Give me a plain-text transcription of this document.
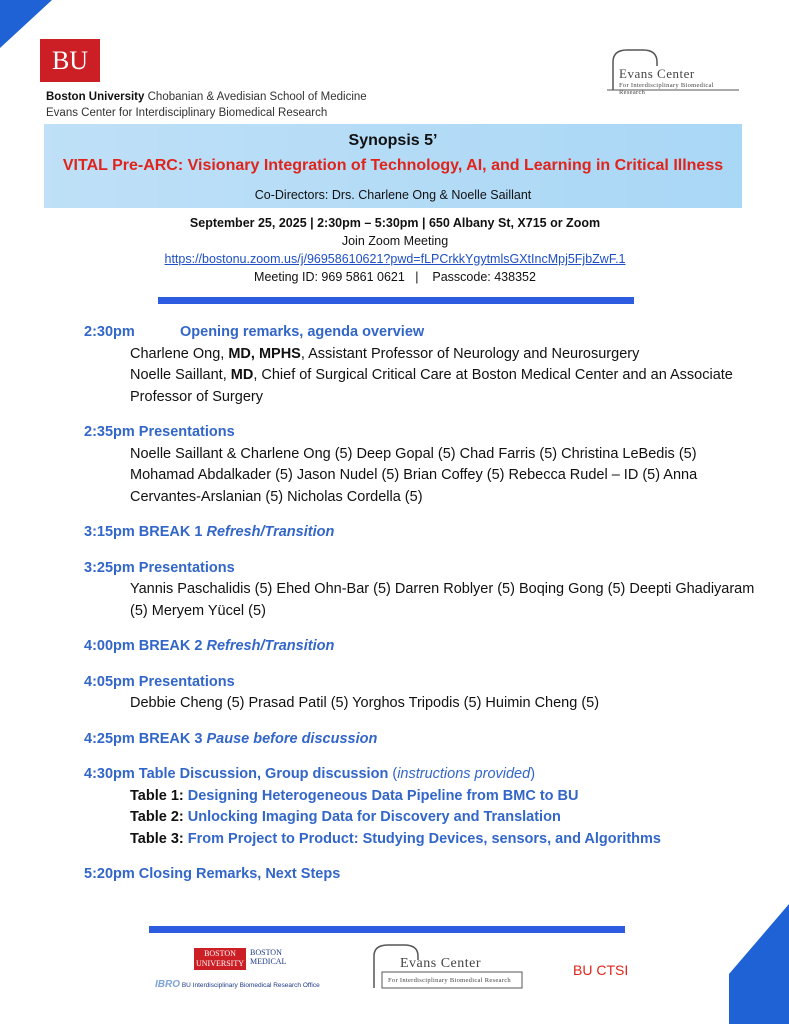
BU
Boston University Chobanian & Avedisian School of Medicine
Evans Center for Interdisciplinary Biomedical Research
Evans Center
For Interdisciplinary Biomedical Research
Synopsis 5’
VITAL Pre-ARC: Visionary Integration of Technology, AI, and Learning in Critical Illness
Co-Directors: Drs. Charlene Ong & Noelle Saillant
September 25, 2025 | 2:30pm – 5:30pm | 650 Albany St, X715 or Zoom
Join Zoom Meeting
https://bostonu.zoom.us/j/96958610621?pwd=fLPCrkkYgytmlsGXtIncMpj5FjbZwF.1
Meeting ID: 969 5861 0621   |    Passcode: 438352
2:30pm	Opening remarks, agenda overview
Charlene Ong, MD, MPHS, Assistant Professor of Neurology and Neurosurgery
Noelle Saillant, MD, Chief of Surgical Critical Care at Boston Medical Center and an Associate Professor of Surgery
2:35pm Presentations
Noelle Saillant & Charlene Ong (5) Deep Gopal (5) Chad Farris (5) Christina LeBedis (5) Mohamad Abdalkader (5) Jason Nudel (5) Brian Coffey (5) Rebecca Rudel – ID (5) Anna Cervantes-Arslanian (5) Nicholas Cordella (5)
3:15pm BREAK 1 Refresh/Transition
3:25pm Presentations
Yannis Paschalidis (5) Ehed Ohn-Bar (5) Darren Roblyer (5) Boqing Gong (5) Deepti Ghadiyaram (5) Meryem Yücel (5)
4:00pm BREAK 2 Refresh/Transition
4:05pm Presentations
Debbie Cheng (5) Prasad Patil (5) Yorghos Tripodis (5) Huimin Cheng (5)
4:25pm BREAK 3 Pause before discussion
4:30pm Table Discussion, Group discussion (instructions provided)
Table 1: Designing Heterogeneous Data Pipeline from BMC to BU
Table 2: Unlocking Imaging Data for Discovery and Translation
Table 3: From Project to Product: Studying Devices, sensors, and Algorithms
5:20pm Closing Remarks, Next Steps
BOSTON UNIVERSITY
BOSTON MEDICAL
IBRO BU Interdisciplinary Biomedical Research Office
Evans Center
For Interdisciplinary Biomedical Research
BU CTSI
